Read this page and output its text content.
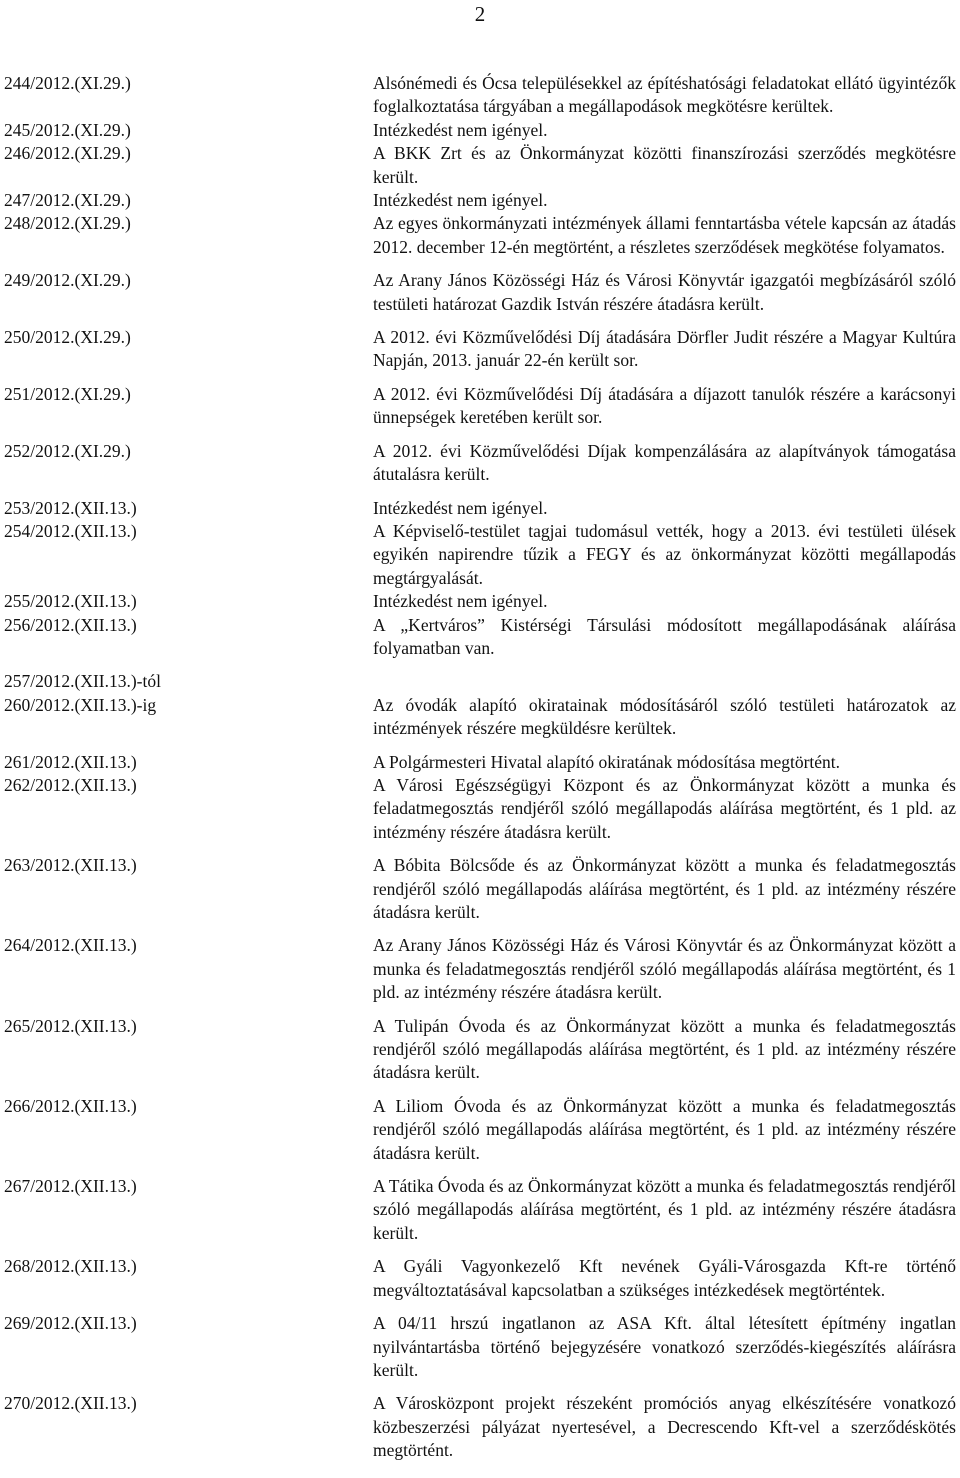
2
244/2012.(XI.29.)	Alsónémedi és Ócsa településekkel az építéshatósági feladatokat ellátó ügyintézők foglalkoztatása tárgyában a megállapodások megkötésre kerültek.
245/2012.(XI.29.)	Intézkedést nem igényel.
246/2012.(XI.29.)	A BKK Zrt és az Önkormányzat közötti finanszírozási szerződés megkötésre került.
247/2012.(XI.29.)	Intézkedést nem igényel.
248/2012.(XI.29.)	Az egyes önkormányzati intézmények állami fenntartásba vétele kapcsán az átadás 2012. december 12-én megtörtént, a részletes szerződések megkötése folyamatos.
249/2012.(XI.29.)	Az Arany János Közösségi Ház és Városi Könyvtár igazgatói megbízásáról szóló testületi határozat Gazdik István részére átadásra került.
250/2012.(XI.29.)	A 2012. évi Közművelődési Díj átadására Dörfler Judit részére a Magyar Kultúra Napján, 2013. január 22-én került sor.
251/2012.(XI.29.)	A 2012. évi Közművelődési Díj átadására a díjazott tanulók részére a karácsonyi ünnepségek keretében került sor.
252/2012.(XI.29.)	A 2012. évi Közművelődési Díjak kompenzálására az alapítványok támogatása átutalásra került.
253/2012.(XII.13.)	Intézkedést nem igényel.
254/2012.(XII.13.)	A Képviselő-testület tagjai tudomásul vették, hogy a 2013. évi testületi ülések egyikén napirendre tűzik a FEGY és az önkormányzat közötti megállapodás megtárgyalását.
255/2012.(XII.13.)	Intézkedést nem igényel.
256/2012.(XII.13.)	A „Kertváros” Kistérségi Társulási módosított megállapodásának aláírása folyamatban van.
257/2012.(XII.13.)-tól
260/2012.(XII.13.)-ig	Az óvodák alapító okiratainak módosításáról szóló testületi határozatok az intézmények részére megküldésre kerültek.
261/2012.(XII.13.)	A Polgármesteri Hivatal alapító okiratának módosítása megtörtént.
262/2012.(XII.13.)	A Városi Egészségügyi Központ és az Önkormányzat között a munka és feladatmegosztás rendjéről szóló megállapodás aláírása megtörtént, és 1 pld. az intézmény részére átadásra került.
263/2012.(XII.13.)	A Bóbita Bölcsőde és az Önkormányzat között a munka és feladatmegosztás rendjéről szóló megállapodás aláírása megtörtént, és 1 pld. az intézmény részére átadásra került.
264/2012.(XII.13.)	Az Arany János Közösségi Ház és Városi Könyvtár és az Önkormányzat között a munka és feladatmegosztás rendjéről szóló megállapodás aláírása megtörtént, és 1 pld. az intézmény részére átadásra került.
265/2012.(XII.13.)	A Tulipán Óvoda és az Önkormányzat között a munka és feladatmegosztás rendjéről szóló megállapodás aláírása megtörtént, és 1 pld. az intézmény részére átadásra került.
266/2012.(XII.13.)	A Liliom Óvoda és az Önkormányzat között a munka és feladatmegosztás rendjéről szóló megállapodás aláírása megtörtént, és 1 pld. az intézmény részére átadásra került.
267/2012.(XII.13.)	A Tátika Óvoda és az Önkormányzat között a munka és feladatmegosztás rendjéről szóló megállapodás aláírása megtörtént, és 1 pld. az intézmény részére átadásra került.
268/2012.(XII.13.)	A Gyáli Vagyonkezelő Kft nevének Gyáli-Városgazda Kft-re történő megváltoztatásával kapcsolatban a szükséges intézkedések megtörténtek.
269/2012.(XII.13.)	A 04/11 hrszú ingatlanon az ASA Kft. által létesített építmény ingatlan nyilvántartásba történő bejegyzésére vonatkozó szerződés-kiegészítés aláírásra került.
270/2012.(XII.13.)	A Városközpont projekt részeként promóciós anyag elkészítésére vonatkozó közbeszerzési pályázat nyertesével, a Decrescendo Kft-vel a szerződéskötés megtörtént.
